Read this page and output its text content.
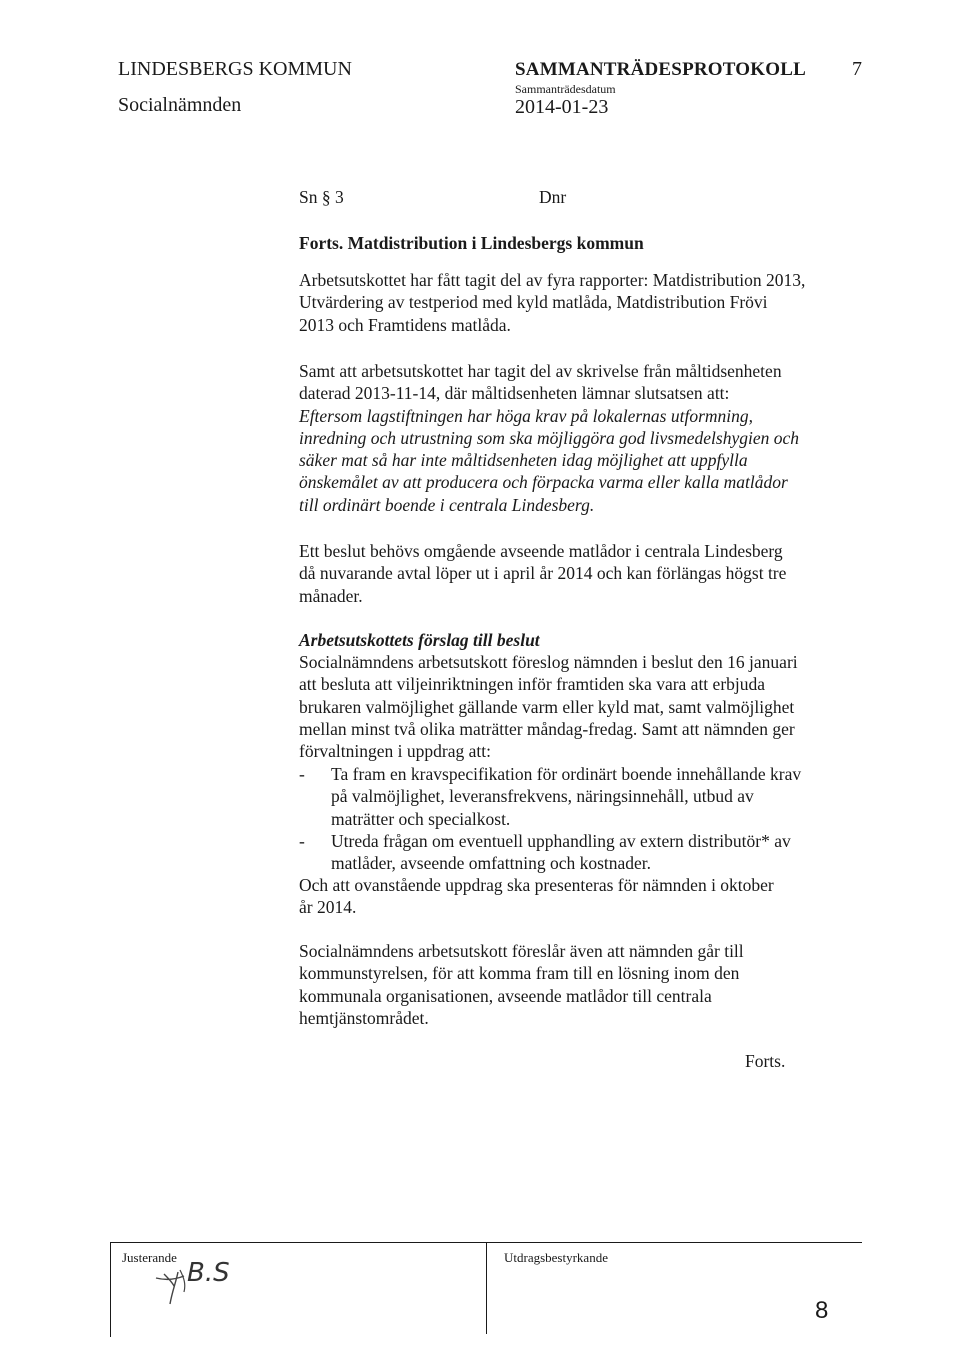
LINDESBERGS KOMMUN
Socialnämnden
SAMMANTRÄDESPROTOKOLL 7
Sammanträdesdatum
2014-01-23
Sn § 3	Dnr
Forts. Matdistribution i Lindesbergs kommun
Arbetsutskottet har fått tagit del av fyra rapporter: Matdistribution 2013,
Utvärdering av testperiod med kyld matlåda, Matdistribution Frövi
2013 och Framtidens matlåda.
Samt att arbetsutskottet har tagit del av skrivelse från måltidsenheten
daterad 2013-11-14, där måltidsenheten lämnar slutsatsen att:
Eftersom lagstiftningen har höga krav på lokalernas utformning,
inredning och utrustning som ska möjliggöra god livsmedelshygien och
säker mat så har inte måltidsenheten idag möjlighet att uppfylla
önskemålet av att producera och förpacka varma eller kalla matlådor
till ordinärt boende i centrala Lindesberg.
Ett beslut behövs omgående avseende matlådor i centrala Lindesberg
då nuvarande avtal löper ut i april år 2014 och kan förlängas högst tre
månader.
Arbetsutskottets förslag till beslut
Socialnämndens arbetsutskott föreslog nämnden i beslut den 16 januari
att besluta att viljeinriktningen inför framtiden ska vara att erbjuda
brukaren valmöjlighet gällande varm eller kyld mat, samt valmöjlighet
mellan minst två olika maträtter måndag-fredag. Samt att nämnden ger
förvaltningen i uppdrag att:
- Ta fram en kravspecifikation för ordinärt boende innehållande krav
på valmöjlighet, leveransfrekvens, näringsinnehåll, utbud av
maträtter och specialkost.
- Utreda frågan om eventuell upphandling av extern distributör* av
matlåder, avseende omfattning och kostnader.
Och att ovanstående uppdrag ska presenteras för nämnden i oktober
år 2014.
Socialnämndens arbetsutskott föreslår även att nämnden går till
kommunstyrelsen, för att komma fram till en lösning inom den
kommunala organisationen, avseende matlådor till centrala
hemtjänstområdet.
Forts.
Justerande	Utdragsbestyrkande
8
B.S
